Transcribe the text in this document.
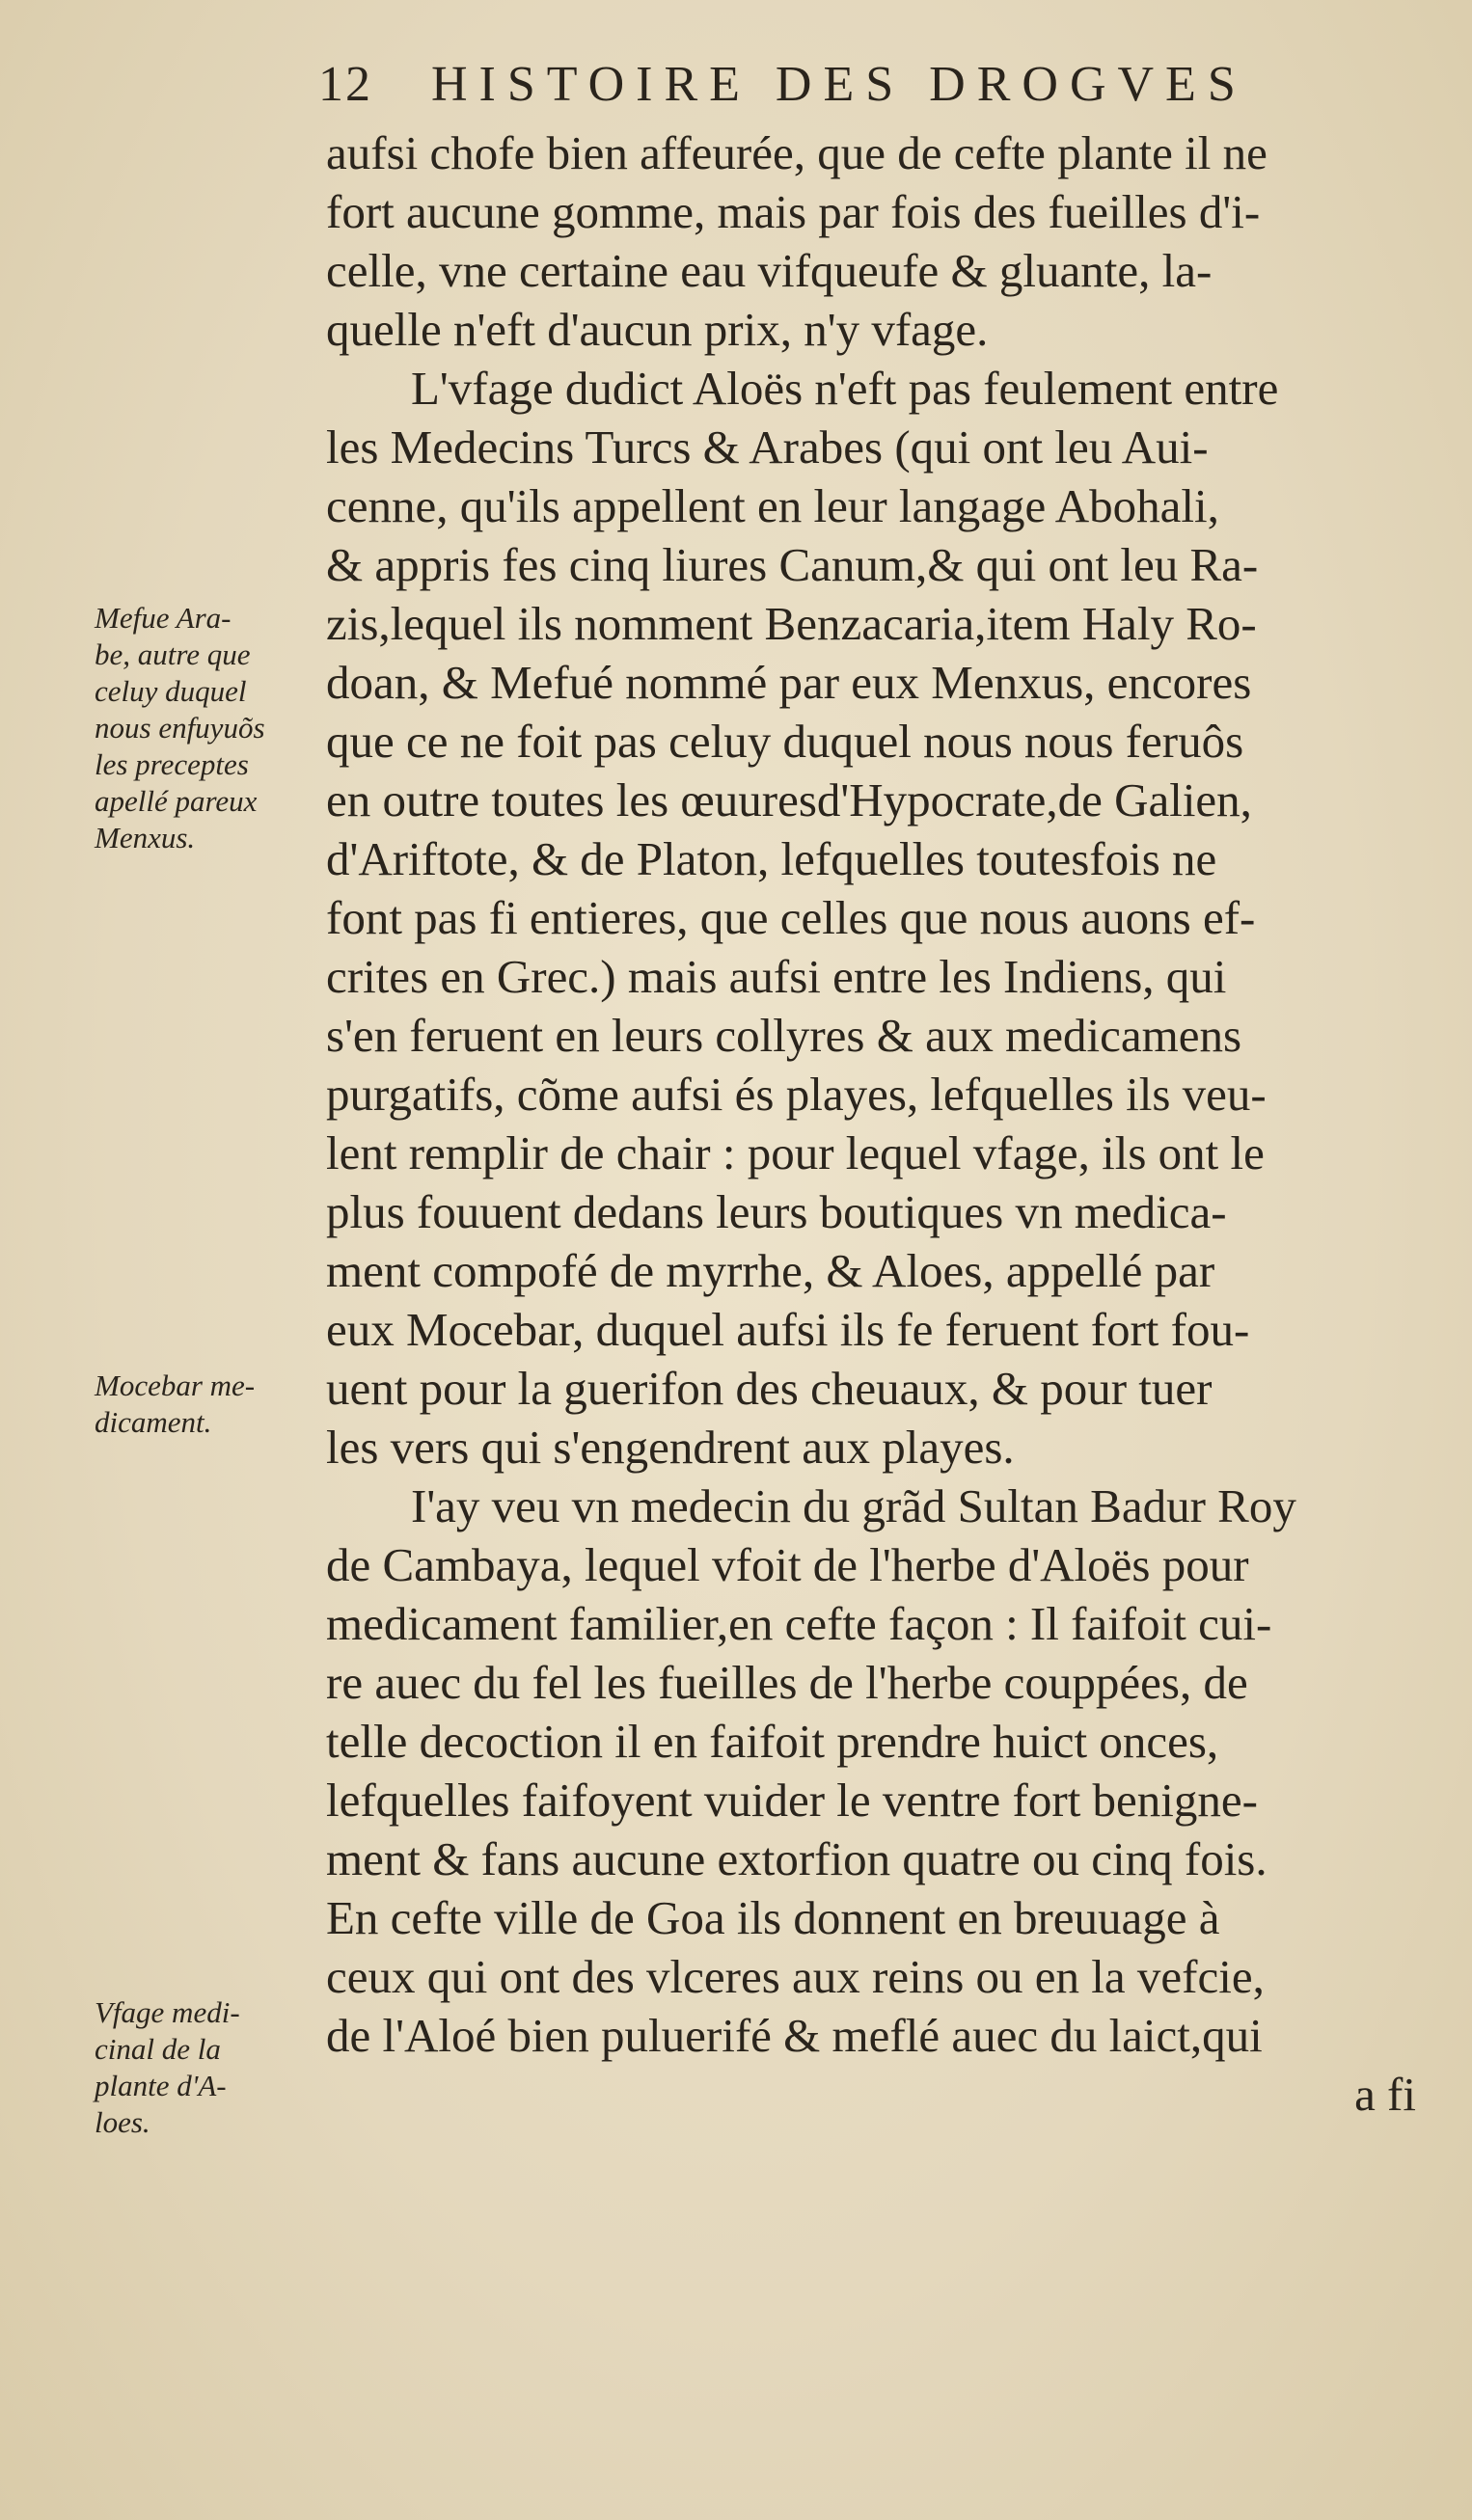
12 HISTOIRE DES DROGVES
aufsi chofe bien affeurée, que de cefte plante il ne
fort aucune gomme, mais par fois des fueilles d'i-
celle, vne certaine eau vifqueufe & gluante, la-
quelle n'eft d'aucun prix, n'y vfage.
L'vfage dudict Aloës n'eft pas feulement entre
les Medecins Turcs & Arabes (qui ont leu Aui-
cenne, qu'ils appellent en leur langage Abohali,
& appris fes cinq liures Canum,& qui ont leu Ra-
zis,lequel ils nomment Benzacaria,item Haly Ro-
doan, & Mefué nommé par eux Menxus, encores
que ce ne foit pas celuy duquel nous nous feruôs
en outre toutes les œuuresd'Hypocrate,de Galien,
d'Ariftote, & de Platon, lefquelles toutesfois ne
font pas fi entieres, que celles que nous auons ef-
crites en Grec.) mais aufsi entre les Indiens, qui
s'en feruent en leurs collyres & aux medicamens
purgatifs, cõme aufsi és playes, lefquelles ils veu-
lent remplir de chair : pour lequel vfage, ils ont le
plus fouuent dedans leurs boutiques vn medica-
ment compofé de myrrhe, & Aloes, appellé par
eux Mocebar, duquel aufsi ils fe feruent fort fou-
uent pour la guerifon des cheuaux, & pour tuer
les vers qui s'engendrent aux playes.
I'ay veu vn medecin du grãd Sultan Badur Roy
de Cambaya, lequel vfoit de l'herbe d'Aloës pour
medicament familier,en cefte façon : Il faifoit cui-
re auec du fel les fueilles de l'herbe couppées, de
telle decoction il en faifoit prendre huict onces,
lefquelles faifoyent vuider le ventre fort benigne-
ment & fans aucune extorfion quatre ou cinq fois.
En cefte ville de Goa ils donnent en breuuage à
ceux qui ont des vlceres aux reins ou en la vefcie,
de l'Aloé bien puluerifé & meflé auec du laict,qui
a fi
Mefue Ara-
be, autre que
celuy duquel
nous enfuyuõs
les preceptes
apellé pareux
Menxus.
Mocebar me-
dicament.
Vfage medi-
cinal de la
plante d'A-
loes.
